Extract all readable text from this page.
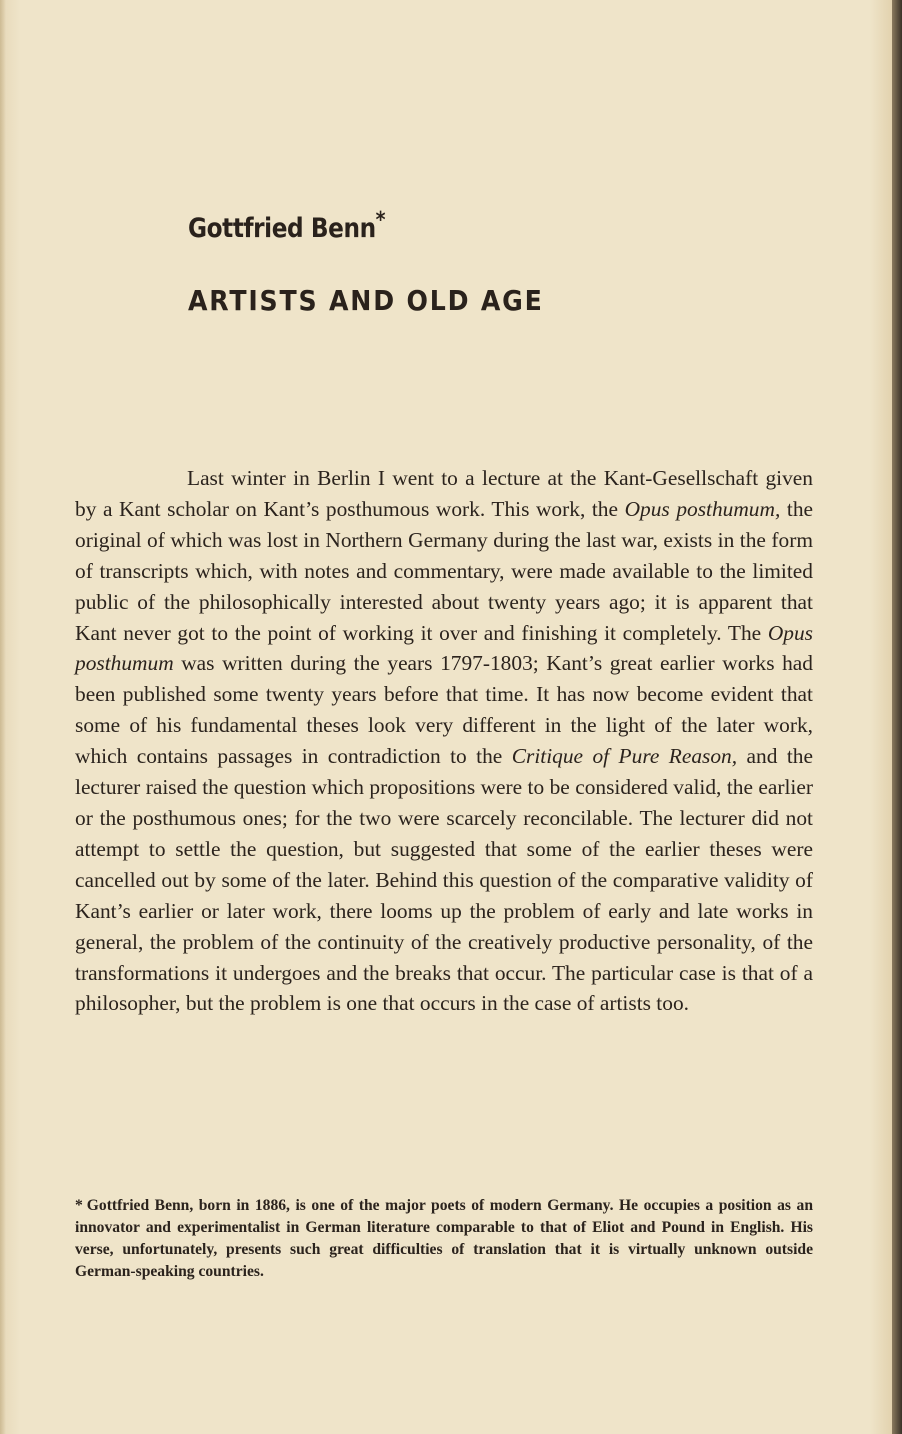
Gottfried Benn*
ARTISTS AND OLD AGE

Last winter in Berlin I went to a lecture at the Kant-Gesellschaft given by a Kant scholar on Kant’s posthumous work. This work, the Opus posthumum, the original of which was lost in Northern Germany during the last war, exists in the form of transcripts which, with notes and commentary, were made available to the limited public of the philosophically interested about twenty years ago; it is apparent that Kant never got to the point of working it over and finishing it completely. The Opus posthumum was written during the years 1797-1803; Kant’s great earlier works had been published some twenty years before that time. It has now become evident that some of his fundamental theses look very different in the light of the later work, which contains passages in contradiction to the Critique of Pure Reason, and the lecturer raised the question which propositions were to be considered valid, the earlier or the posthumous ones; for the two were scarcely reconcilable. The lecturer did not attempt to settle the question, but suggested that some of the earlier theses were cancelled out by some of the later. Behind this question of the comparative validity of Kant’s earlier or later work, there looms up the problem of early and late works in general, the problem of the continuity of the creatively productive personality, of the transformations it undergoes and the breaks that occur. The particular case is that of a philosopher, but the problem is one that occurs in the case of artists too.

* Gottfried Benn, born in 1886, is one of the major poets of modern Germany. He occupies a position as an innovator and experimentalist in German literature comparable to that of Eliot and Pound in English. His verse, unfortunately, presents such great difficulties of translation that it is virtually unknown outside German-speaking countries.
